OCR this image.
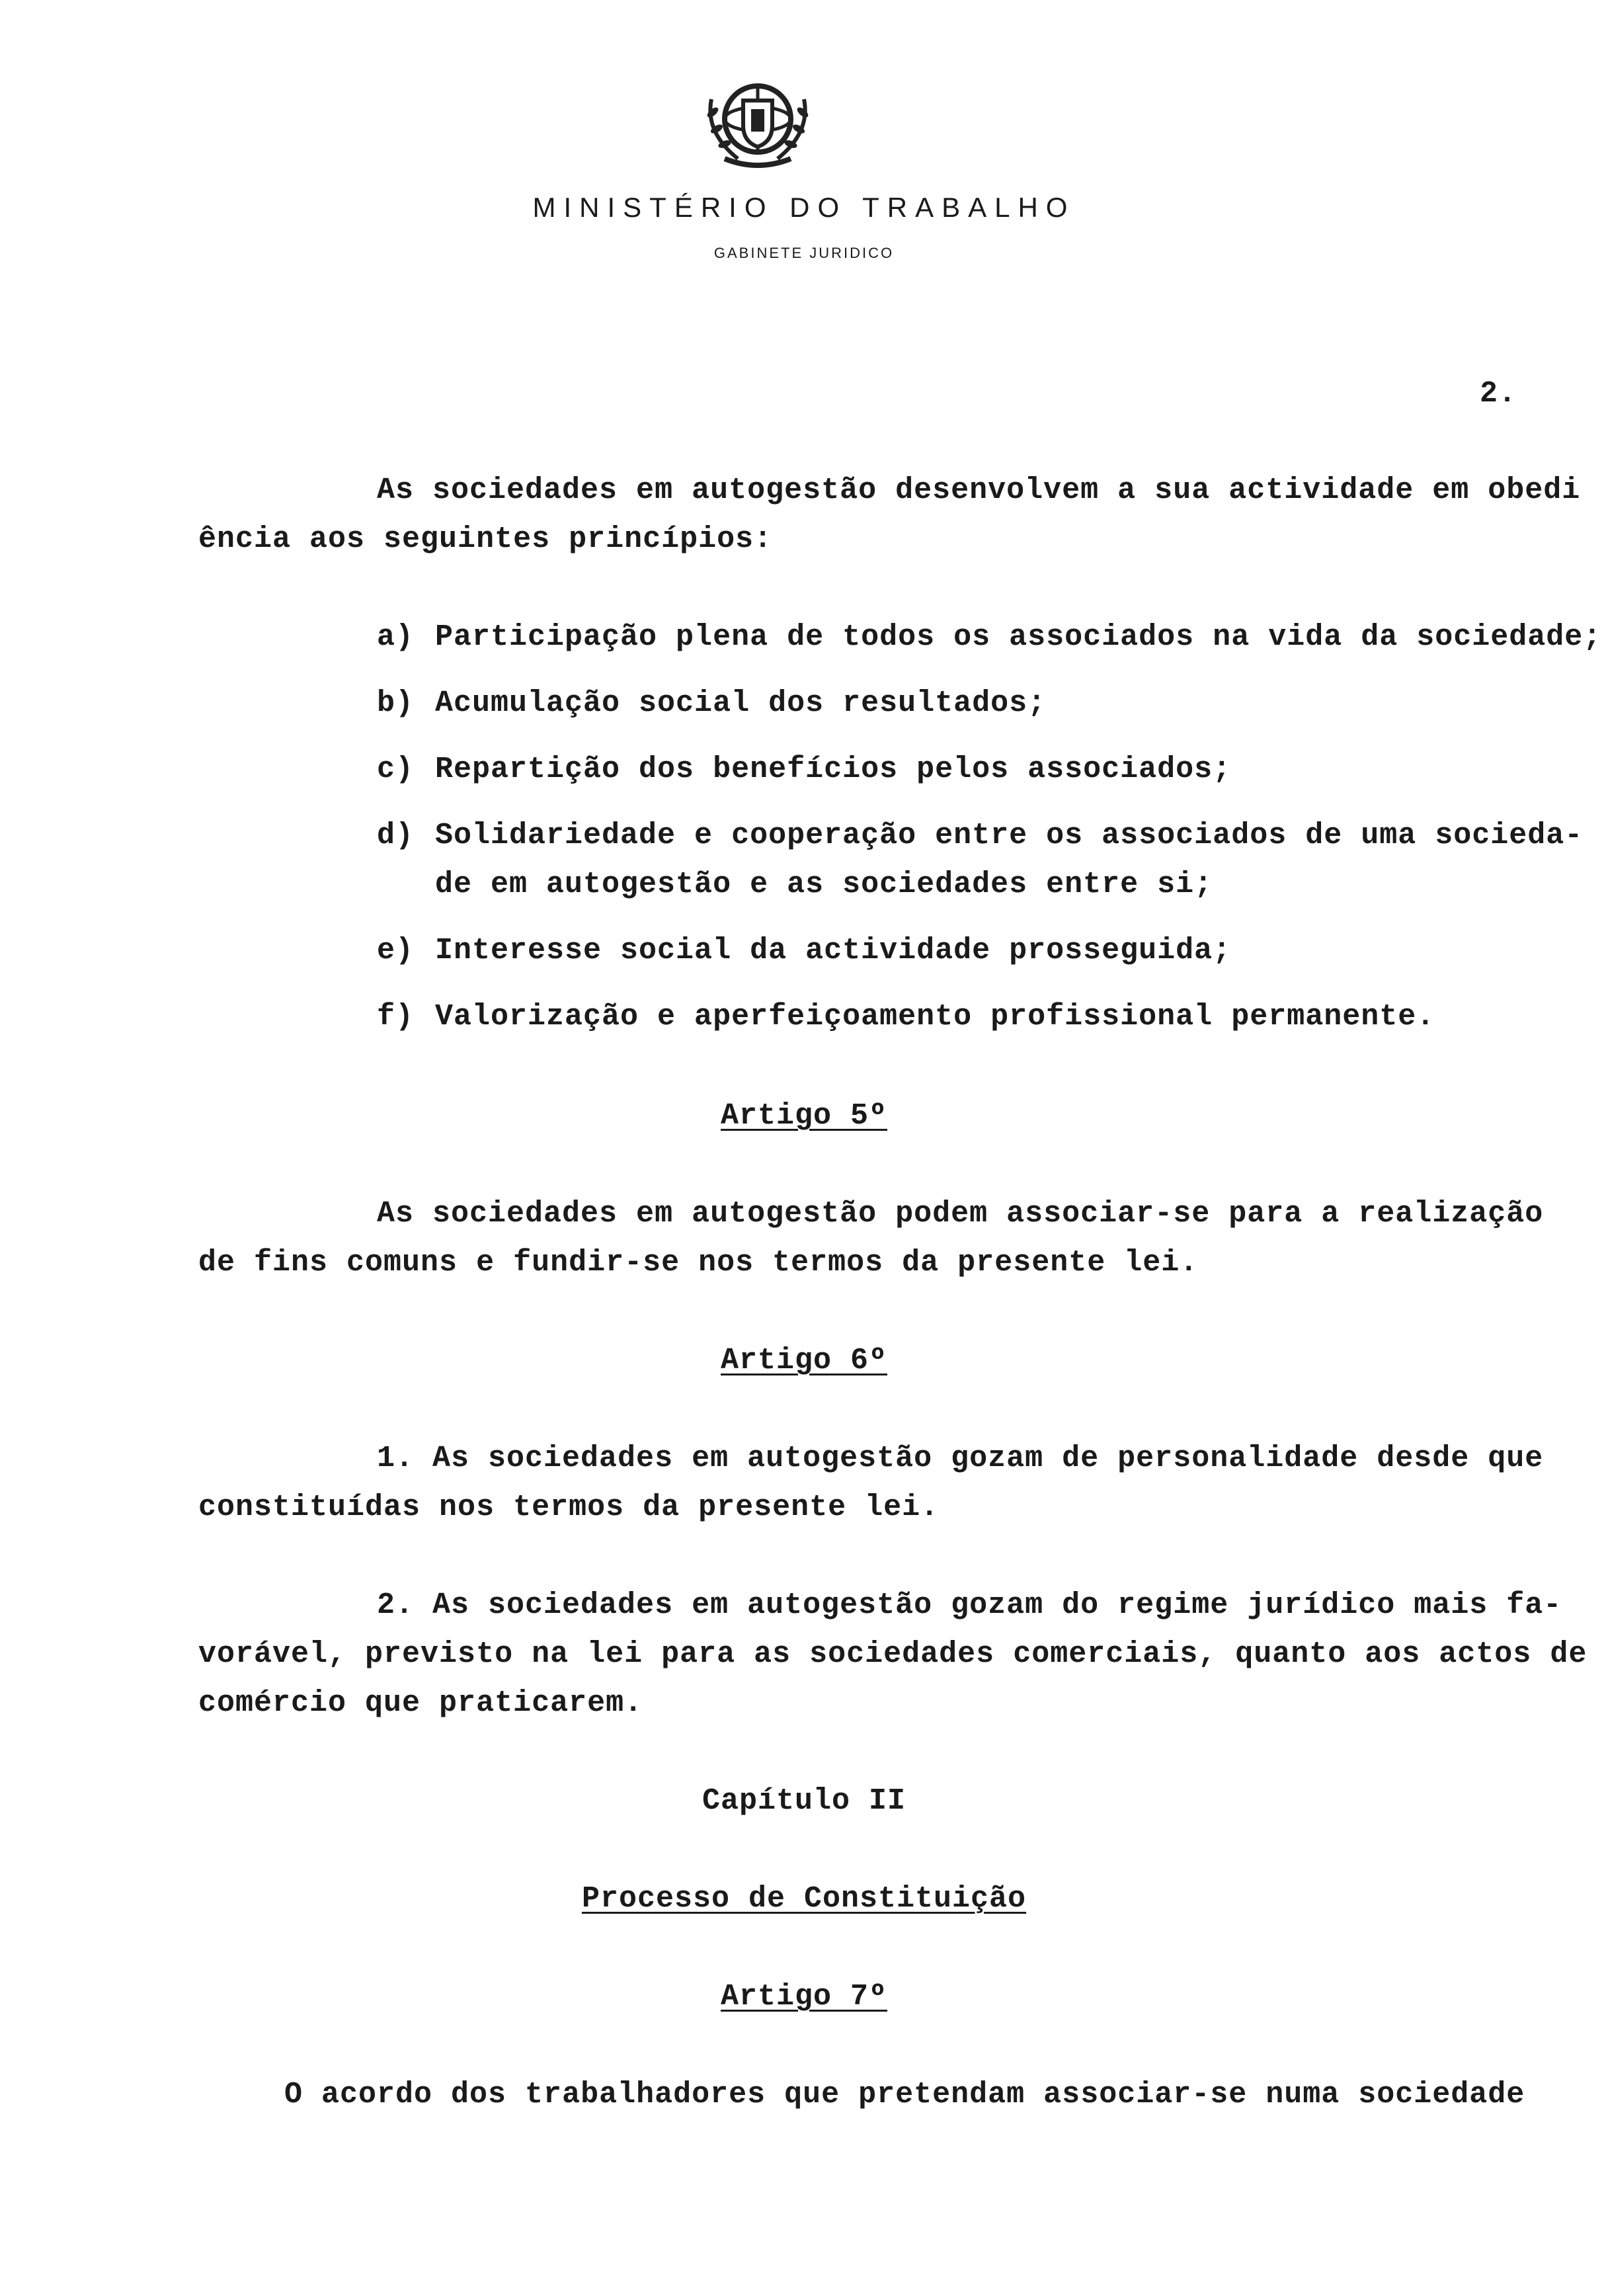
MINISTÉRIO DO TRABALHO
GABINETE JURIDICO
2.
As sociedades em autogestão desenvolvem a sua actividade em obedi
ência aos seguintes princípios:
a) Participação plena de todos os associados na vida da sociedade;
b) Acumulação social dos resultados;
c) Repartição dos benefícios pelos associados;
d) Solidariedade e cooperação entre os associados de uma socieda-
de em autogestão e as sociedades entre si;
e) Interesse social da actividade prosseguida;
f) Valorização e aperfeiçoamento profissional permanente.
Artigo 5º
As sociedades em autogestão podem associar-se para a realização
de fins comuns e fundir-se nos termos da presente lei.
Artigo 6º
1. As sociedades em autogestão gozam de personalidade desde que
constituídas nos termos da presente lei.
2. As sociedades em autogestão gozam do regime jurídico mais fa-
vorável, previsto na lei para as sociedades comerciais, quanto aos actos de
comércio que praticarem.
Capítulo II
Processo de Constituição
Artigo 7º
O acordo dos trabalhadores que pretendam associar-se numa sociedade
